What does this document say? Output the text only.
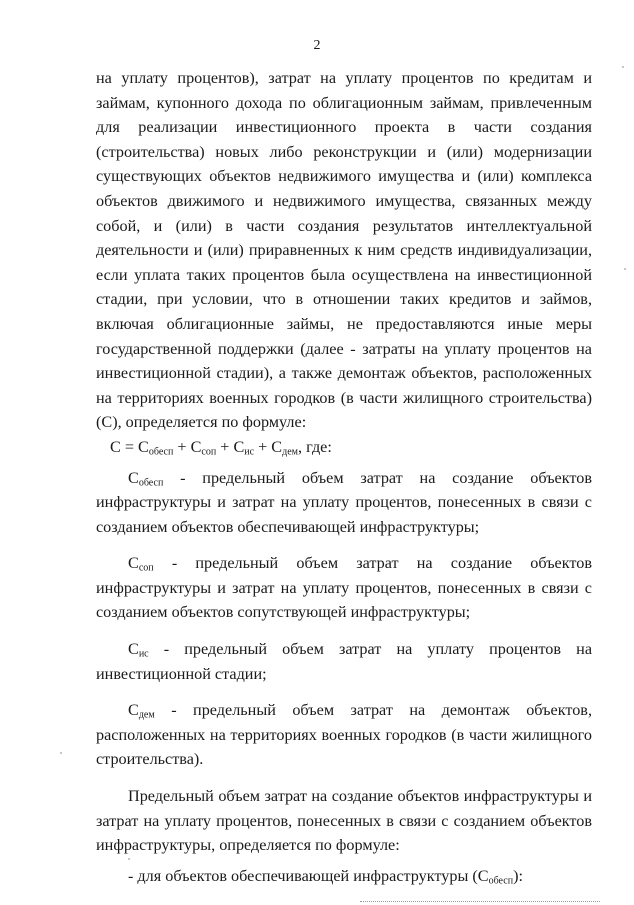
2

на уплату процентов), затрат на уплату процентов по кредитам и займам, купонного дохода по облигационным займам, привлеченным для реализации инвестиционного проекта в части создания (строительства) новых либо реконструкции и (или) модернизации существующих объектов недвижимого имущества и (или) комплекса объектов движимого и недвижимого имущества, связанных между собой, и (или) в части создания результатов интеллектуальной деятельности и (или) приравненных к ним средств индивидуализации, если уплата таких процентов была осуществлена на инвестиционной стадии, при условии, что в отношении таких кредитов и займов, включая облигационные займы, не предоставляются иные меры государственной поддержки (далее - затраты на уплату процентов на инвестиционной стадии), а также демонтаж объектов, расположенных на территориях военных городков (в части жилищного строительства) (С), определяется по формуле:

$С = С_{обесп} + С_{соп} + С_{ис} + С_{дем}$, где:

$С_{обесп}$ - предельный объем затрат на создание объектов инфраструктуры и затрат на уплату процентов, понесенных в связи с созданием объектов обеспечивающей инфраструктуры;

$С_{соп}$ - предельный объем затрат на создание объектов инфраструктуры и затрат на уплату процентов, понесенных в связи с созданием объектов сопутствующей инфраструктуры;

$С_{ис}$ - предельный объем затрат на уплату процентов на инвестиционной стадии;

$С_{дем}$ - предельный объем затрат на демонтаж объектов, расположенных на территориях военных городков (в части жилищного строительства).

Предельный объем затрат на создание объектов инфраструктуры и затрат на уплату процентов, понесенных в связи с созданием объектов инфраструктуры, определяется по формуле:

- для объектов обеспечивающей инфраструктуры $(С_{обесп})$:
